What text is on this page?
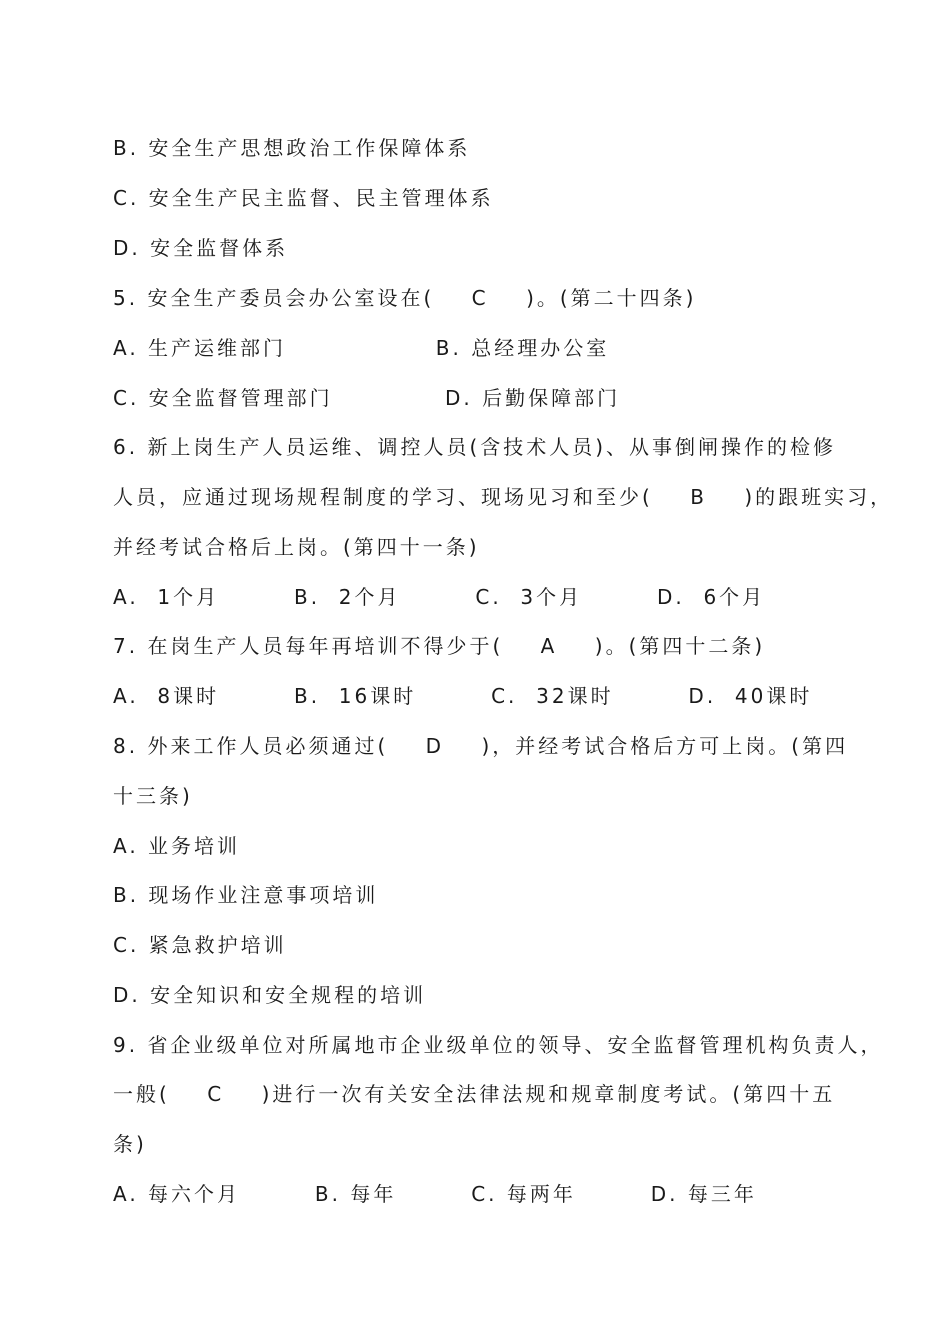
B. 安全生产思想政治工作保障体系
C. 安全生产民主监督、民主管理体系
D. 安全监督体系
5. 安全生产委员会办公室设在(    C    )。(第二十四条)
A. 生产运维部门                B. 总经理办公室
C. 安全监督管理部门            D. 后勤保障部门
6. 新上岗生产人员运维、调控人员(含技术人员)、从事倒闸操作的检修
人员，应通过现场规程制度的学习、现场见习和至少(    B    )的跟班实习，
并经考试合格后上岗。(第四十一条)
A.  1个月        B.  2个月        C.  3个月        D.  6个月
7. 在岗生产人员每年再培训不得少于(    A    )。(第四十二条)
A.  8课时        B.  16课时        C.  32课时        D.  40课时
8. 外来工作人员必须通过(    D    )，并经考试合格后方可上岗。(第四
十三条)
A. 业务培训
B. 现场作业注意事项培训
C. 紧急救护培训
D. 安全知识和安全规程的培训
9. 省企业级单位对所属地市企业级单位的领导、安全监督管理机构负责人，
一般(    C    )进行一次有关安全法律法规和规章制度考试。(第四十五
条)
A. 每六个月        B. 每年        C. 每两年        D. 每三年
